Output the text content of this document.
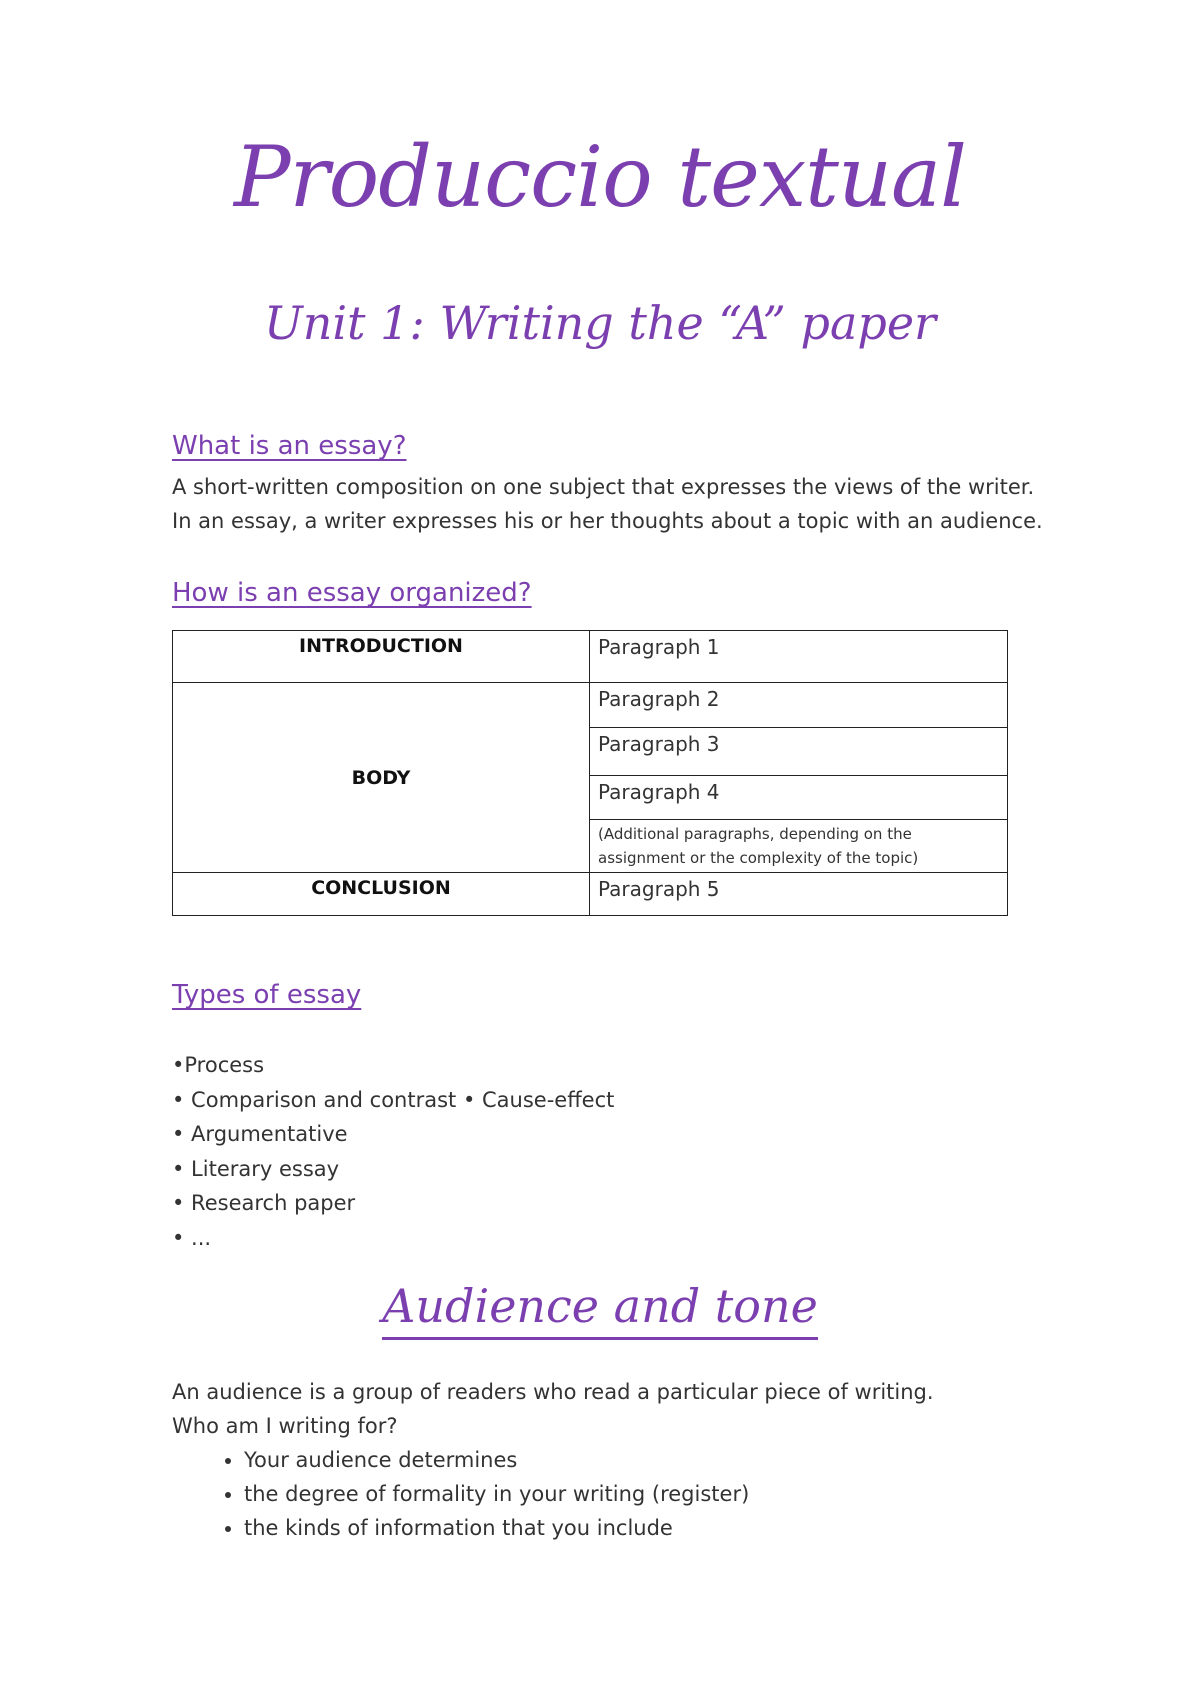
Produccio textual
Unit 1: Writing the “A” paper
What is an essay?
A short-written composition on one subject that expresses the views of the writer. In an essay, a writer expresses his or her thoughts about a topic with an audience.
How is an essay organized?
INTRODUCTION	Paragraph 1
BODY	Paragraph 2
	Paragraph 3
	Paragraph 4
	(Additional paragraphs, depending on the assignment or the complexity of the topic)
CONCLUSION	Paragraph 5
Types of essay
•Process
• Comparison and contrast • Cause-effect
• Argumentative
• Literary essay
• Research paper
• ...
Audience and tone
An audience is a group of readers who read a particular piece of writing.
Who am I writing for?
• Your audience determines
• the degree of formality in your writing (register)
• the kinds of information that you include
